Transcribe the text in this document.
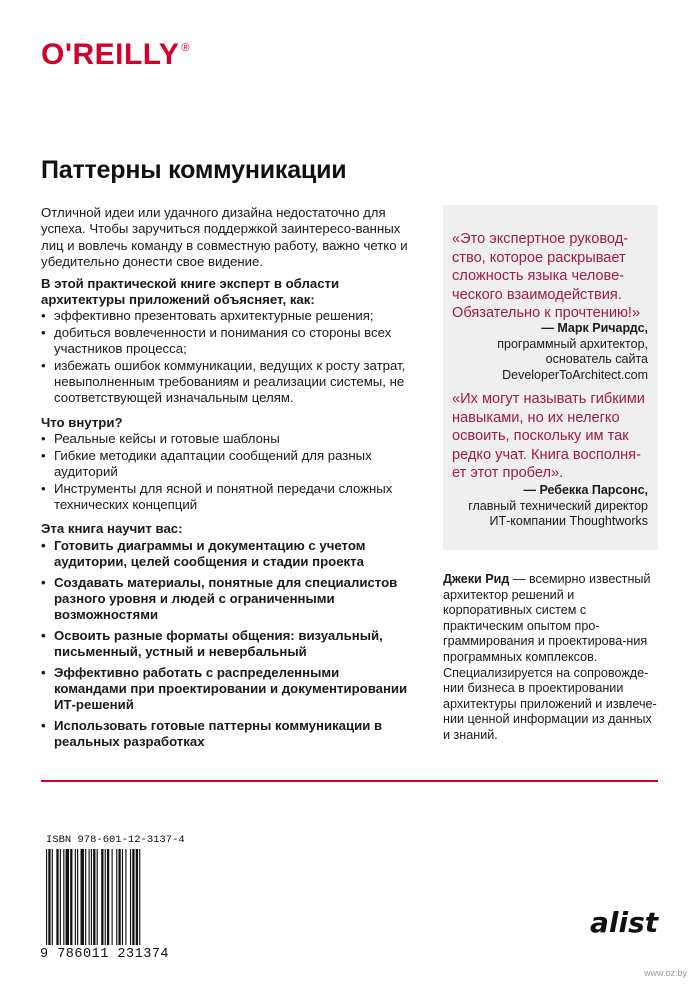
O'REILLY ®
Паттерны коммуникации

Отличной идеи или удачного дизайна недостаточно для успеха. Чтобы заручиться поддержкой заинтересо-ванных лиц и вовлечь команду в совместную работу, важно четко и убедительно донести свое видение.

В этой практической книге эксперт в области архитектуры приложений объясняет, как:

• эффективно презентовать архитектурные решения;
• добиться вовлеченности и понимания со стороны всех участников процесса;
• избежать ошибок коммуникации, ведущих к росту затрат, невыполненным требованиям и реализации системы, не соответствующей изначальным целям.

Что внутри?

• Реальные кейсы и готовые шаблоны
• Гибкие методики адаптации сообщений для разных аудиторий
• Инструменты для ясной и понятной передачи сложных технических концепций

Эта книга научит вас:

• Готовить диаграммы и документацию с учетом аудитории, целей сообщения и стадии проекта
• Создавать материалы, понятные для специалистов разного уровня и людей с ограниченными возможностями
• Освоить разные форматы общения: визуальный, письменный, устный и невербальный
• Эффективно работать с распределенными командами при проектировании и документировании ИТ-решений
• Использовать готовые паттерны коммуникации в реальных разработках
«Это экспертное руковод-ство, которое раскрывает сложность языка челове-ческого взаимодействия. Обязательно к прочтению!»
— Марк Ричардс,
программный архитектор,
основатель сайта
DeveloperToArchitect.com
«Их могут называть гибкими навыками, но их нелегко освоить, поскольку им так редко учат. Книга восполня-ет этот пробел».
— Ребекка Парсонс,
главный технический директор
ИТ-компании Thoughtworks
Джеки Рид — всемирно известный архитектор решений и корпоративных систем с практическим опытом про-граммирования и проектирова-ния программных комплексов. Специализируется на сопровожде-нии бизнеса в проектировании архитектуры приложений и извлече-нии ценной информации из данных и знаний.
ISBN 978-601-12-3137-4
9 786011 231374
alist
www.oz.by
